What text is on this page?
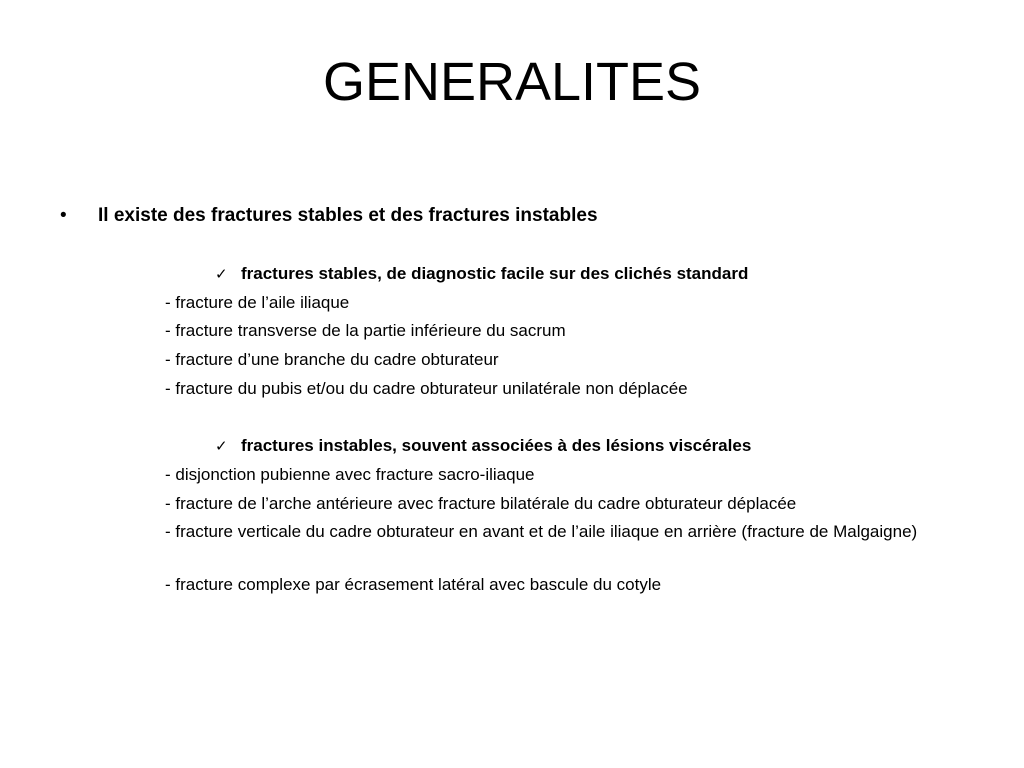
GENERALITES
• Il existe des fractures stables et des fractures instables
✓ fractures stables, de diagnostic facile sur des clichés standard
- fracture de l’aile iliaque
- fracture transverse de la partie inférieure du sacrum
- fracture d’une branche du cadre obturateur
- fracture du pubis et/ou du cadre obturateur unilatérale non déplacée
✓ fractures instables, souvent associées à des lésions viscérales
- disjonction pubienne avec fracture sacro-iliaque
- fracture de l’arche antérieure avec fracture bilatérale du cadre obturateur déplacée
- fracture verticale du cadre obturateur en avant et de l’aile iliaque en arrière (fracture de Malgaigne)
- fracture complexe par écrasement latéral avec bascule du cotyle
